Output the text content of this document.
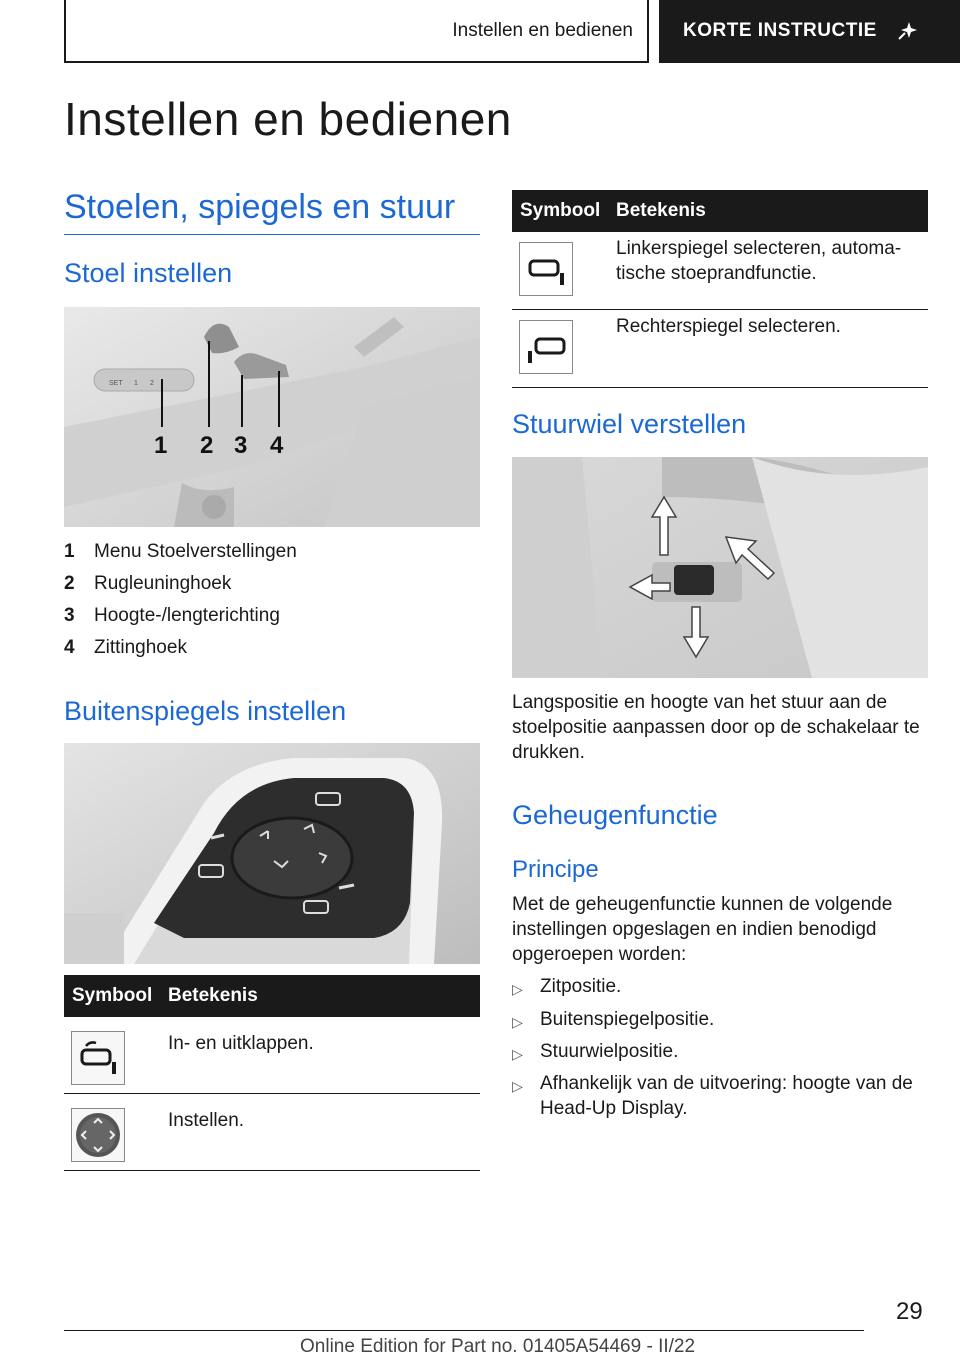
Instellen en bedienen	KORTE INSTRUCTIE
Instellen en bedienen
Stoelen, spiegels en stuur
Stoel instellen
1 2 3 4
SET 1 2
1	Menu Stoelverstellingen
2	Rugleuninghoek
3	Hoogte-/lengterichting
4	Zittinghoek
Buitenspiegels instellen
Symbool Betekenis
In- en uitklappen.
Instellen.
Symbool Betekenis
Linkerspiegel selecteren, automa-tische stoeprandfunctie.
Rechterspiegel selecteren.
Stuurwiel verstellen
Langspositie en hoogte van het stuur aan de stoelpositie aanpassen door op de schakelaar te drukken.
Geheugenfunctie
Principe
Met de geheugenfunctie kunnen de volgende instellingen opgeslagen en indien benodigd opgeroepen worden:
▷ Zitpositie.
▷ Buitenspiegelpositie.
▷ Stuurwielpositie.
▷ Afhankelijk van de uitvoering: hoogte van de Head-Up Display.
29
Online Edition for Part no. 01405A54469 - II/22
